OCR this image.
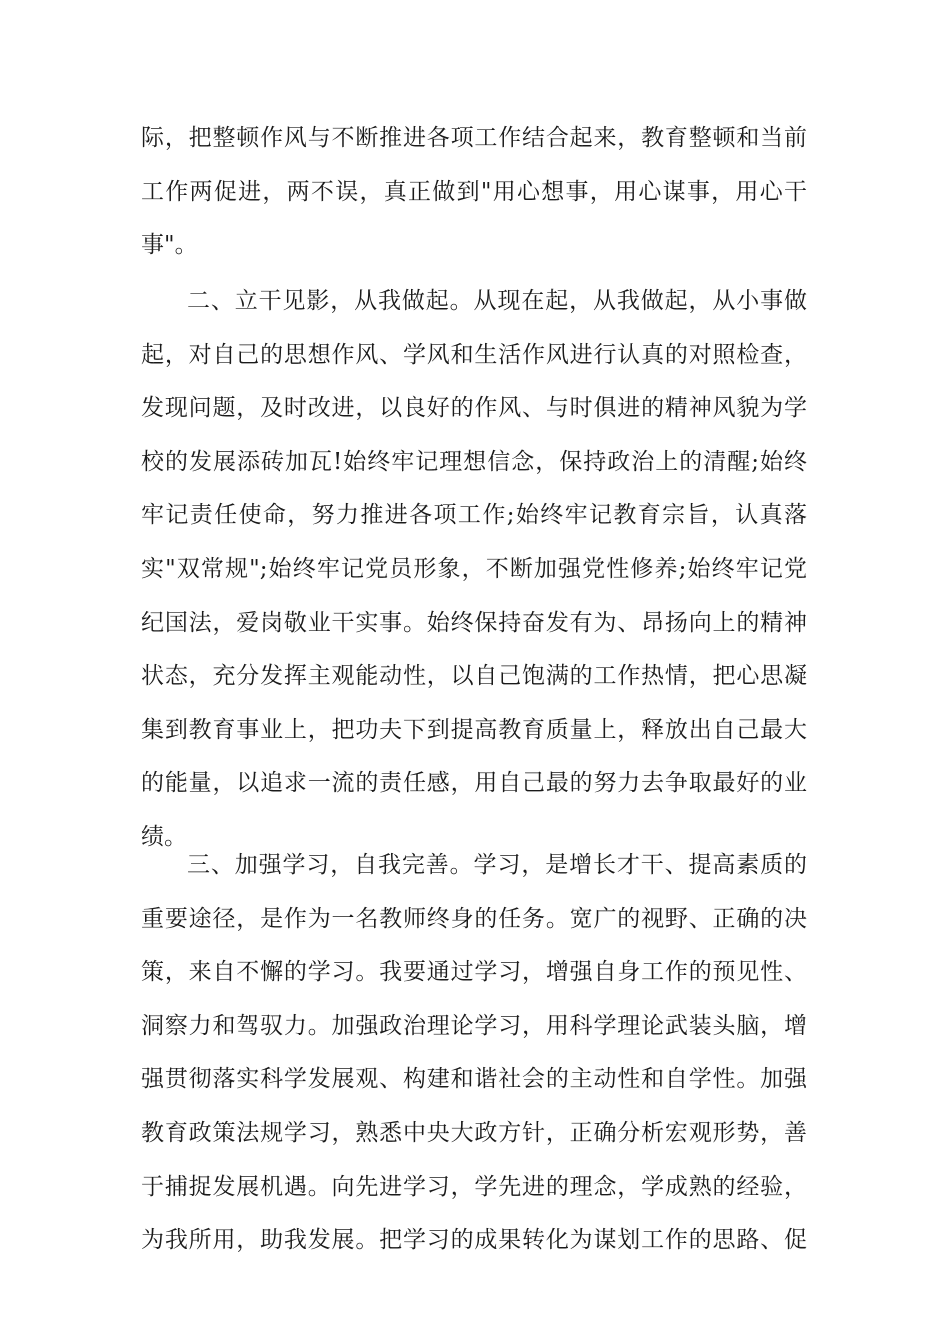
际，把整顿作风与不断推进各项工作结合起来，教育整顿和当前
工作两促进，两不误，真正做到"用心想事，用心谋事，用心干
事"。
二、立干见影，从我做起。从现在起，从我做起，从小事做
起，对自己的思想作风、学风和生活作风进行认真的对照检查，
发现问题，及时改进，以良好的作风、与时俱进的精神风貌为学
校的发展添砖加瓦!始终牢记理想信念，保持政治上的清醒;始终
牢记责任使命，努力推进各项工作;始终牢记教育宗旨，认真落
实"双常规";始终牢记党员形象，不断加强党性修养;始终牢记党
纪国法，爱岗敬业干实事。始终保持奋发有为、昂扬向上的精神
状态，充分发挥主观能动性，以自己饱满的工作热情，把心思凝
集到教育事业上，把功夫下到提高教育质量上，释放出自己最大
的能量，以追求一流的责任感，用自己最的努力去争取最好的业
绩。
三、加强学习，自我完善。学习，是增长才干、提高素质的
重要途径，是作为一名教师终身的任务。宽广的视野、正确的决
策，来自不懈的学习。我要通过学习，增强自身工作的预见性、
洞察力和驾驭力。加强政治理论学习，用科学理论武装头脑，增
强贯彻落实科学发展观、构建和谐社会的主动性和自学性。加强
教育政策法规学习，熟悉中央大政方针，正确分析宏观形势，善
于捕捉发展机遇。向先进学习，学先进的理念，学成熟的经验，
为我所用，助我发展。把学习的成果转化为谋划工作的思路、促
